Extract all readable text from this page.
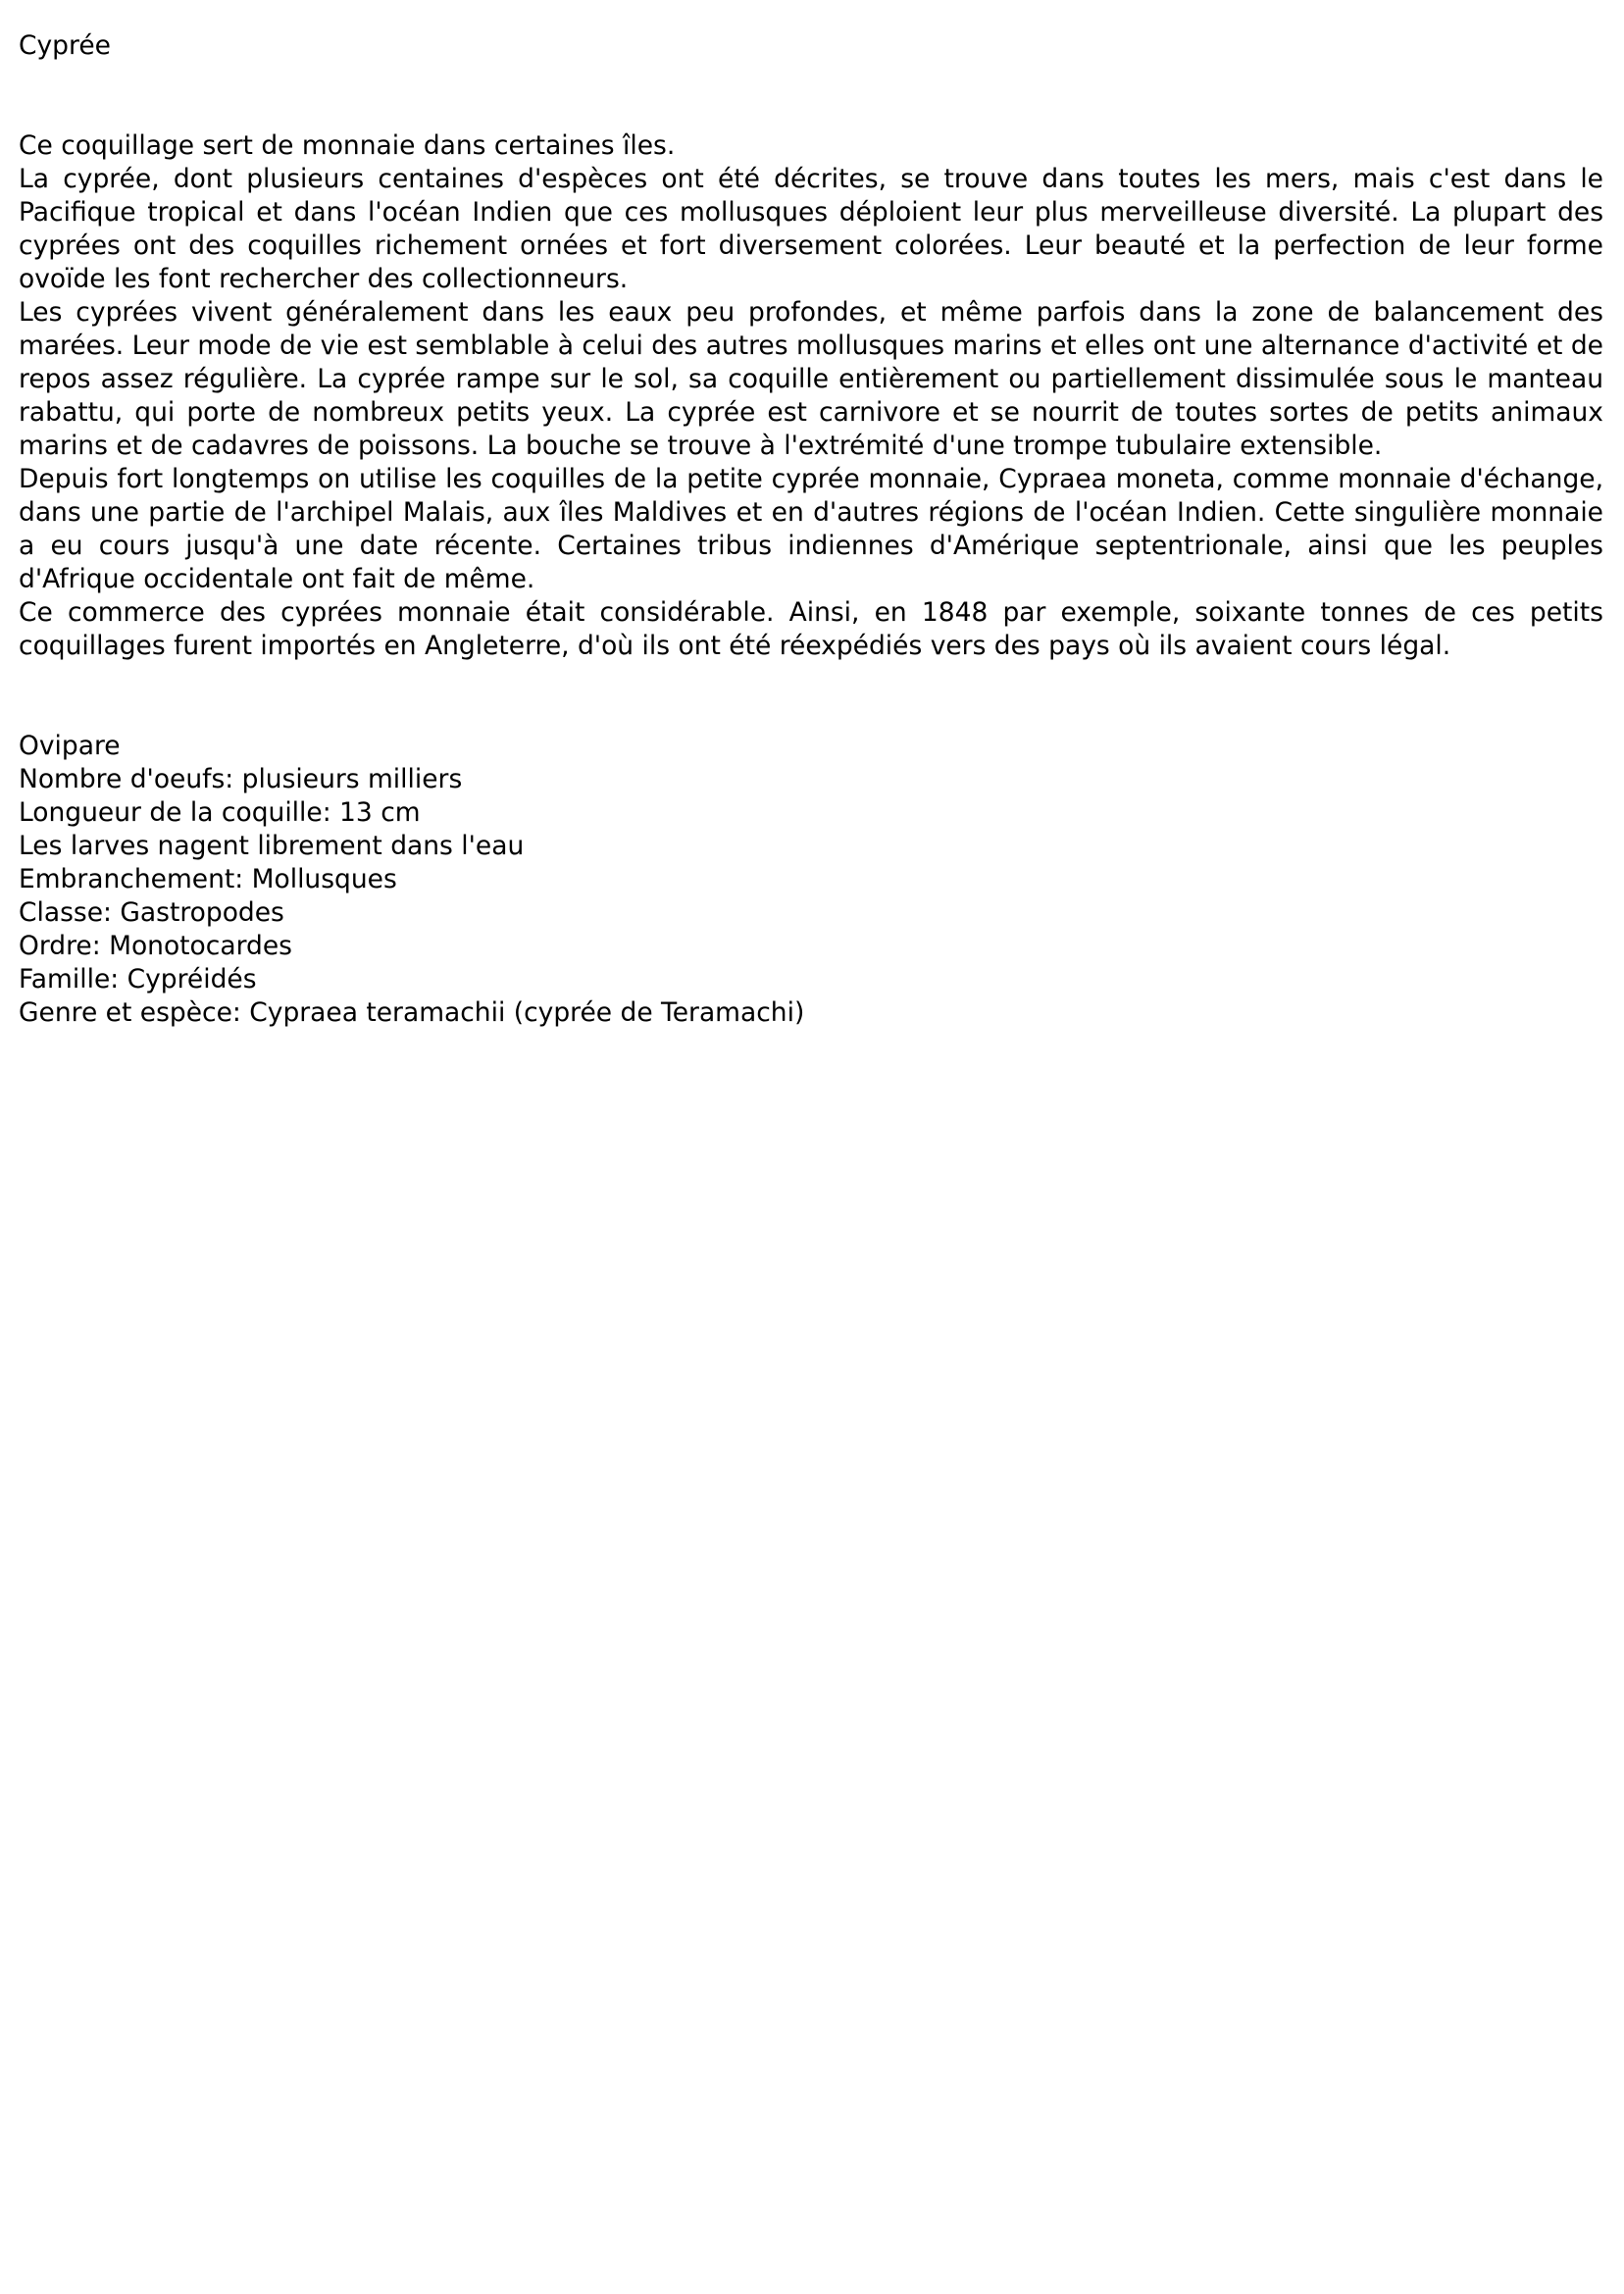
Cyprée

Ce coquillage sert de monnaie dans certaines îles.

La cyprée, dont plusieurs centaines d'espèces ont été décrites, se trouve dans toutes les mers, mais c'est dans le Pacifique tropical et dans l'océan Indien que ces mollusques déploient leur plus merveilleuse diversité. La plupart des cyprées ont des coquilles richement ornées et fort diversement colorées. Leur beauté et la perfection de leur forme ovoïde les font rechercher des collectionneurs.

Les cyprées vivent généralement dans les eaux peu profondes, et même parfois dans la zone de balancement des marées. Leur mode de vie est semblable à celui des autres mollusques marins et elles ont une alternance d'activité et de repos assez régulière. La cyprée rampe sur le sol, sa coquille entièrement ou partiellement dissimulée sous le manteau rabattu, qui porte de nombreux petits yeux. La cyprée est carnivore et se nourrit de toutes sortes de petits animaux marins et de cadavres de poissons. La bouche se trouve à l'extrémité d'une trompe tubulaire extensible.

Depuis fort longtemps on utilise les coquilles de la petite cyprée monnaie, Cypraea moneta, comme monnaie d'échange, dans une partie de l'archipel Malais, aux îles Maldives et en d'autres régions de l'océan Indien. Cette singulière monnaie a eu cours jusqu'à une date récente. Certaines tribus indiennes d'Amérique septentrionale, ainsi que les peuples d'Afrique occidentale ont fait de même.

Ce commerce des cyprées monnaie était considérable. Ainsi, en 1848 par exemple, soixante tonnes de ces petits coquillages furent importés en Angleterre, d'où ils ont été réexpédiés vers des pays où ils avaient cours légal.

Ovipare
Nombre d'oeufs: plusieurs milliers
Longueur de la coquille: 13 cm
Les larves nagent librement dans l'eau
Embranchement: Mollusques
Classe: Gastropodes
Ordre: Monotocardes
Famille: Cypréidés
Genre et espèce: Cypraea teramachii (cyprée de Teramachi)
